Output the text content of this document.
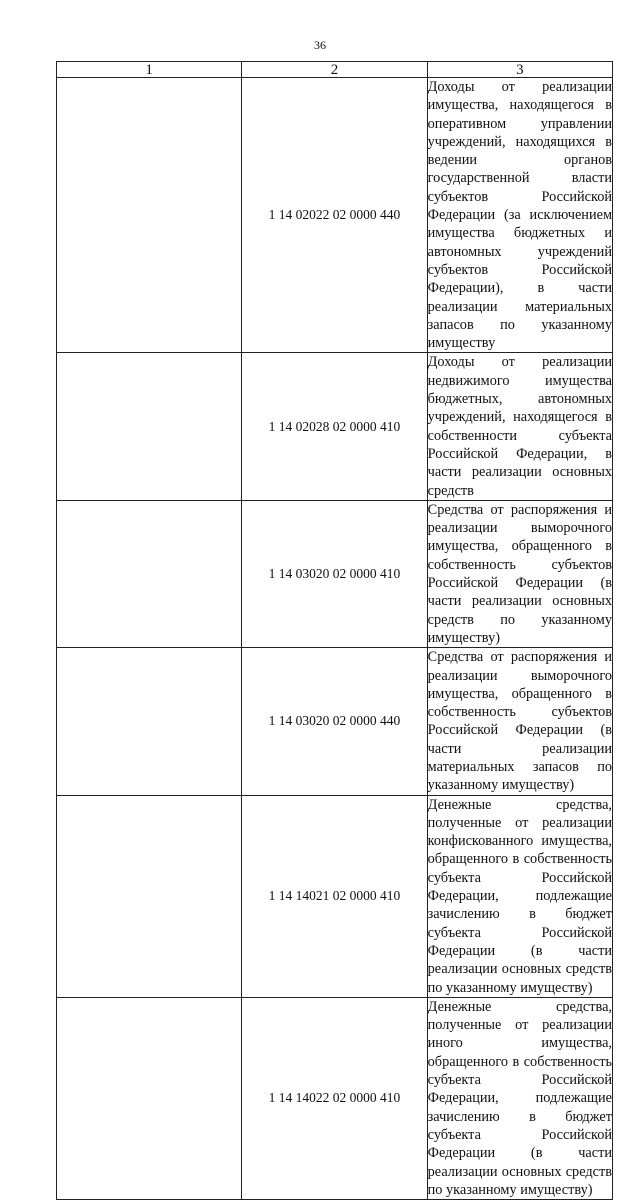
36
1	2	3
	1 14 02022 02 0000 440	Доходы от реализации имущества, находящегося в оперативном управлении учреждений, находящихся в ведении органов государственной власти субъектов Российской Федерации (за исключением имущества бюджетных и автономных учреждений субъектов Российской Федерации), в части реализации материальных запасов по указанному имуществу
	1 14 02028 02 0000 410	Доходы от реализации недвижимого имущества бюджетных, автономных учреждений, находящегося в собственности субъекта Российской Федерации, в части реализации основных средств
	1 14 03020 02 0000 410	Средства от распоряжения и реализации выморочного имущества, обращенного в собственность субъектов Российской Федерации (в части реализации основных средств по указанному имуществу)
	1 14 03020 02 0000 440	Средства от распоряжения и реализации выморочного имущества, обращенного в собственность субъектов Российской Федерации (в части реализации материальных запасов по указанному имуществу)
	1 14 14021 02 0000 410	Денежные средства, полученные от реализации конфискованного имущества, обращенного в собственность субъекта Российской Федерации, подлежащие зачислению в бюджет субъекта Российской Федерации (в части реализации основных средств по указанному имуществу)
	1 14 14022 02 0000 410	Денежные средства, полученные от реализации иного имущества, обращенного в собственность субъекта Российской Федерации, подлежащие зачислению в бюджет субъекта Российской Федерации (в части реализации основных средств по указанному имуществу)
